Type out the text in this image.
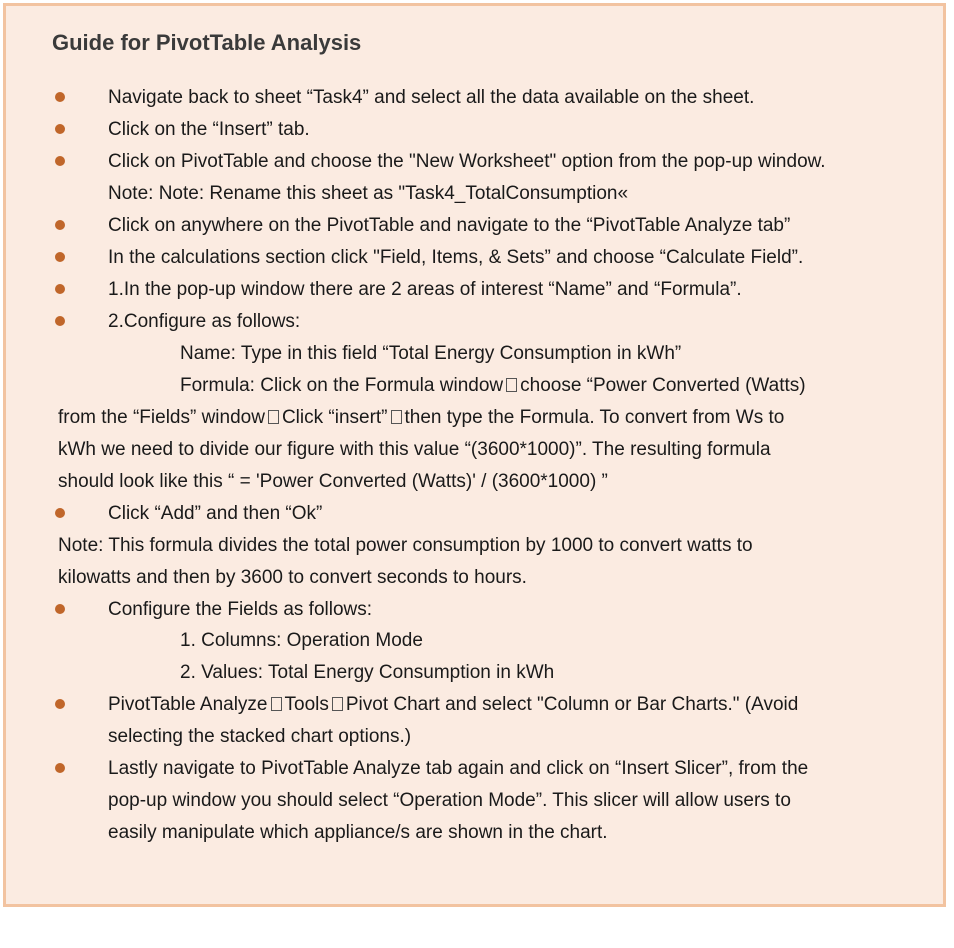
Guide for PivotTable Analysis
Navigate back to sheet “Task4” and select all the data available on the sheet.
Click on the “Insert” tab.
Click on PivotTable and choose the "New Worksheet" option from the pop-up window.
Note: Note: Rename this sheet as "Task4_TotalConsumption«
Click on anywhere on the PivotTable and navigate to the “PivotTable Analyze tab”
In the calculations section click "Field, Items, & Sets” and choose “Calculate Field”.
1.In the pop-up window there are 2 areas of interest “Name” and “Formula”.
2.Configure as follows:
Name: Type in this field “Total Energy Consumption in kWh”
Formula: Click on the Formula window choose “Power Converted (Watts)
from the “Fields” window Click “insert” then type the Formula. To convert from Ws to
kWh we need to divide our figure with this value “(3600*1000)”. The resulting formula
should look like this “ = 'Power Converted (Watts)' / (3600*1000) ”
Click “Add” and then “Ok”
Note: This formula divides the total power consumption by 1000 to convert watts to
kilowatts and then by 3600 to convert seconds to hours.
Configure the Fields as follows:
1. Columns: Operation Mode
2. Values: Total Energy Consumption in kWh
PivotTable Analyze Tools Pivot Chart and select "Column or Bar Charts." (Avoid
selecting the stacked chart options.)
Lastly navigate to PivotTable Analyze tab again and click on “Insert Slicer”, from the
pop-up window you should select “Operation Mode”. This slicer will allow users to
easily manipulate which appliance/s are shown in the chart.
